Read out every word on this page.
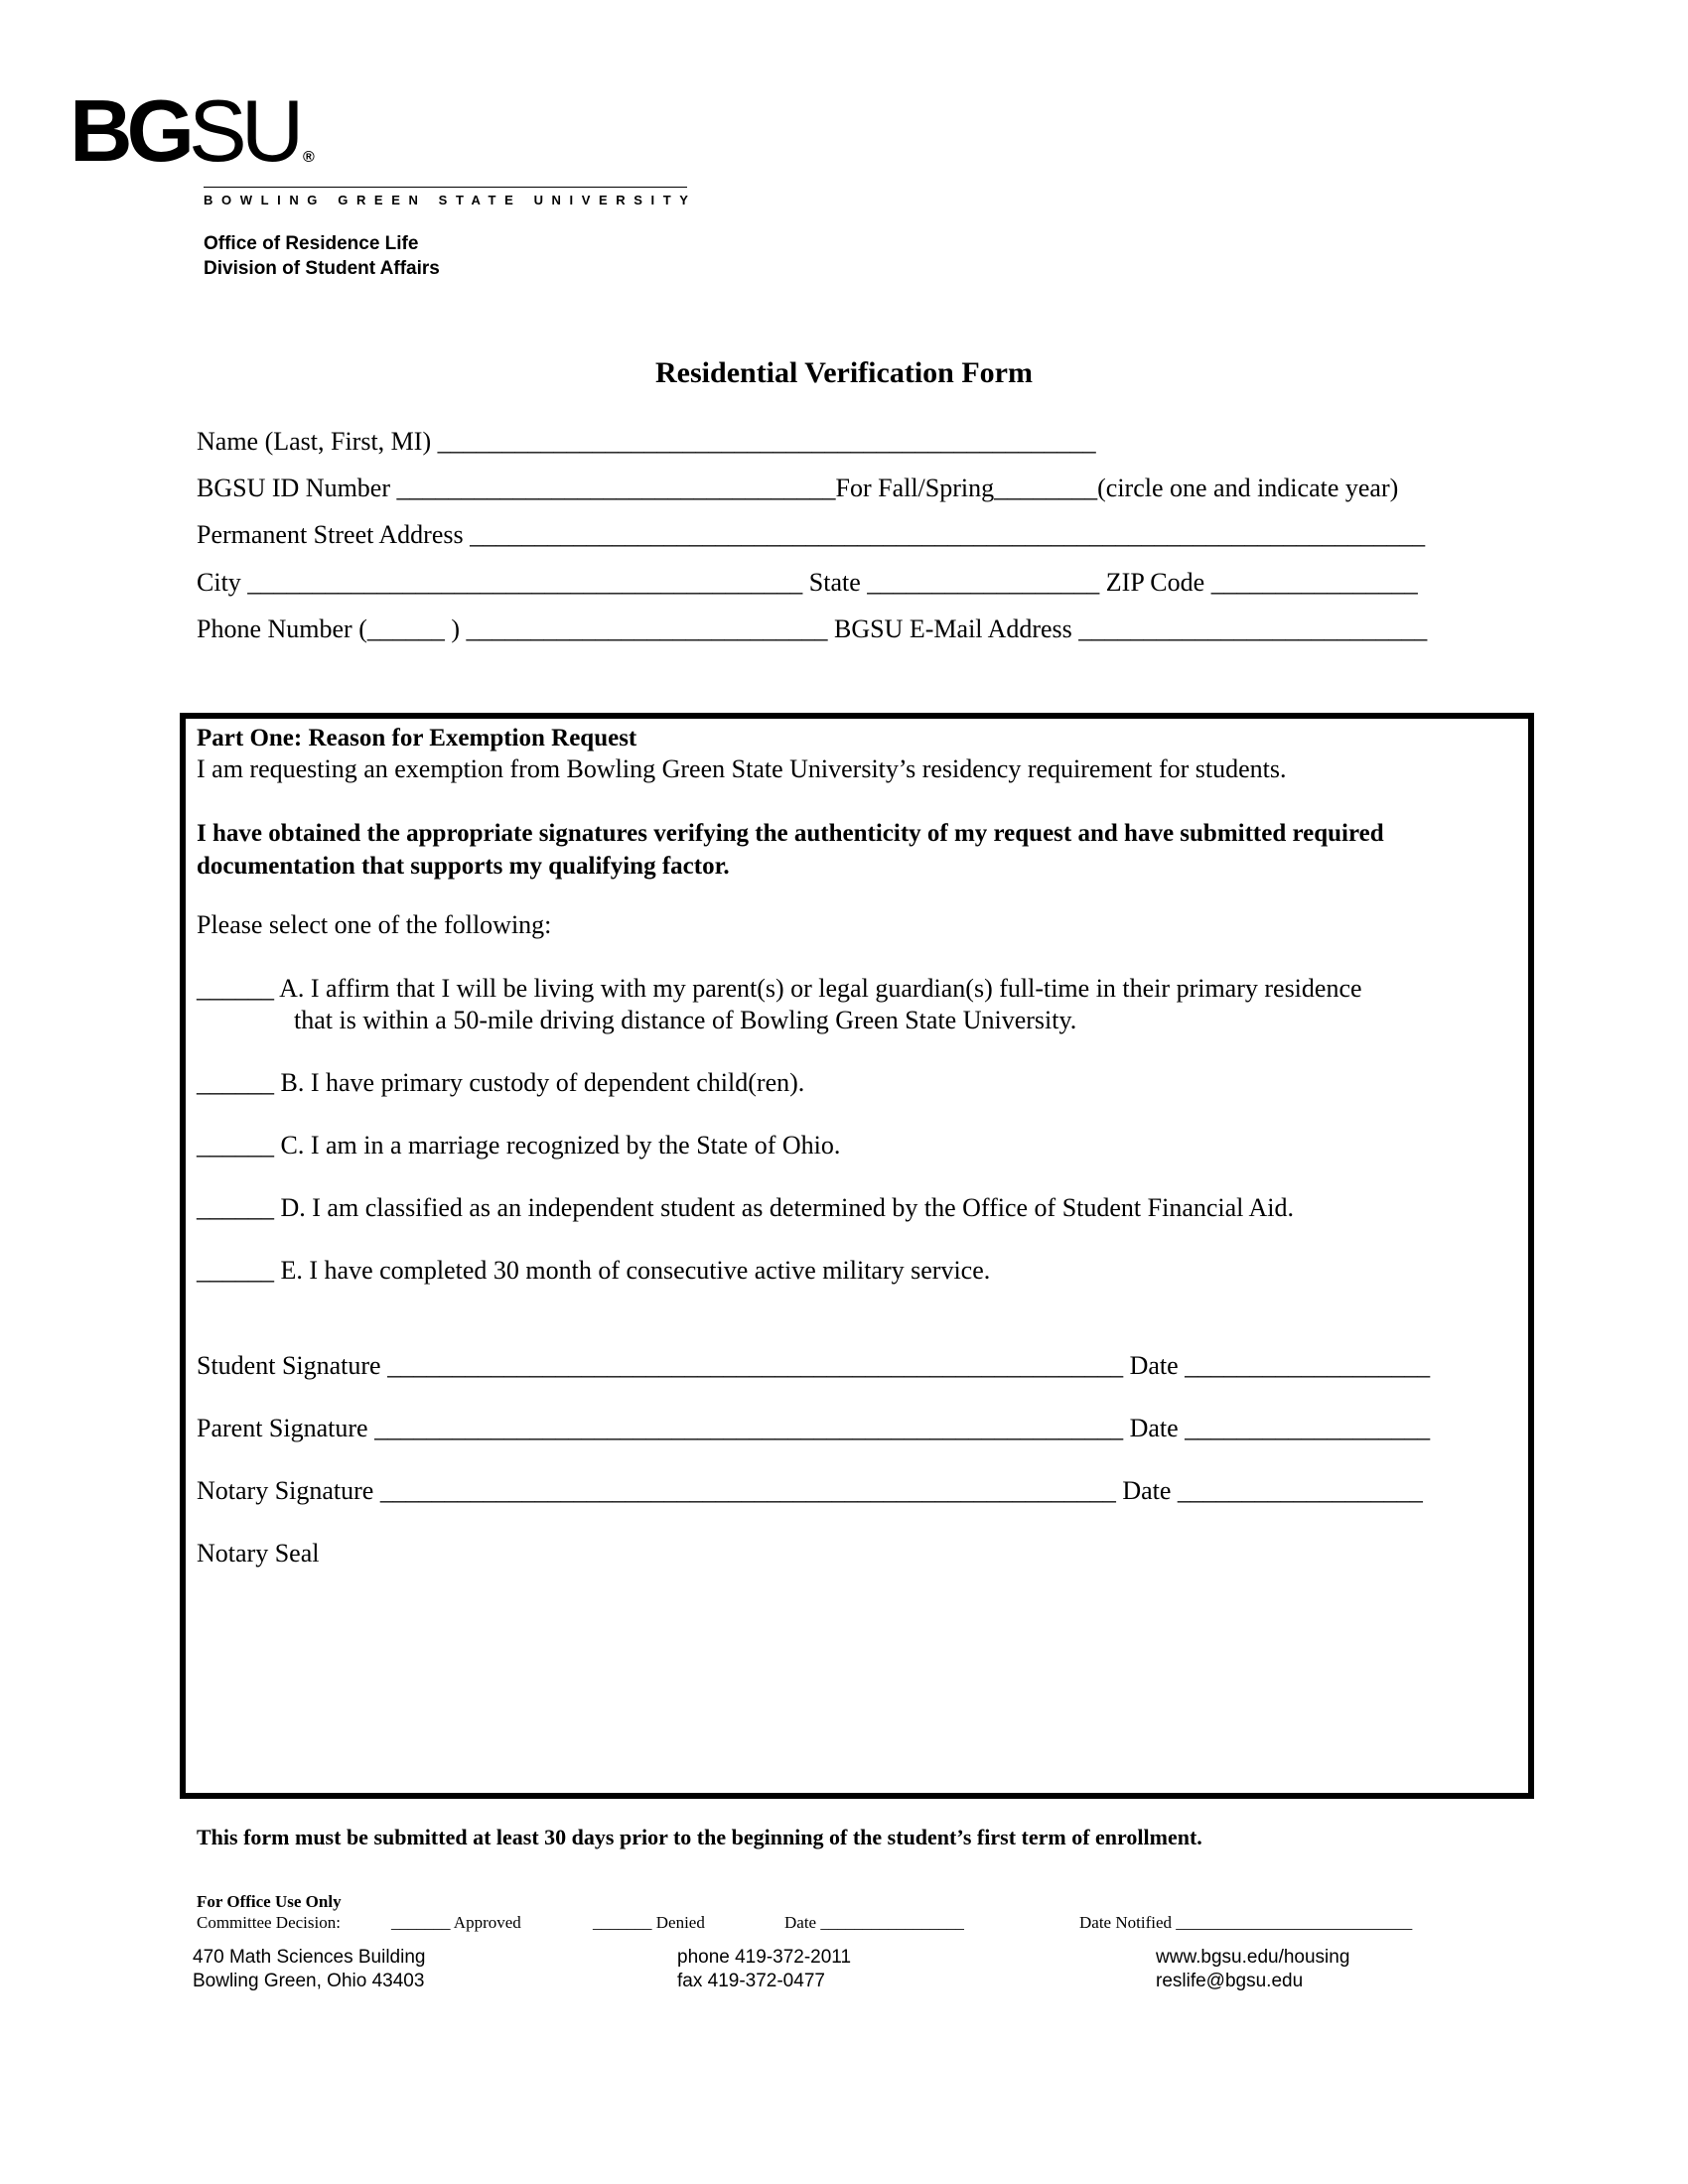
BGSU ®
BOWLING GREEN STATE UNIVERSITY
Office of Residence Life
Division of Student Affairs
Residential Verification Form
Name (Last, First, MI) ___________________________________________________
BGSU ID Number __________________________________For Fall/Spring________(circle one and indicate year)
Permanent Street Address __________________________________________________________________________
City ___________________________________________ State __________________ ZIP Code ________________
Phone Number (______ ) ____________________________ BGSU E-Mail Address ___________________________
Part One: Reason for Exemption Request
I am requesting an exemption from Bowling Green State University’s residency requirement for students.
I have obtained the appropriate signatures verifying the authenticity of my request and have submitted required documentation that supports my qualifying factor.
Please select one of the following:
______ A. I affirm that I will be living with my parent(s) or legal guardian(s) full-time in their primary residence
that is within a 50-mile driving distance of Bowling Green State University.
______ B. I have primary custody of dependent child(ren).
______ C. I am in a marriage recognized by the State of Ohio.
______ D. I am classified as an independent student as determined by the Office of Student Financial Aid.
______ E. I have completed 30 month of consecutive active military service.
Student Signature _________________________________________________________ Date ___________________
Parent Signature __________________________________________________________ Date ___________________
Notary Signature _________________________________________________________ Date ___________________
Notary Seal
This form must be submitted at least 30 days prior to the beginning of the student’s first term of enrollment.
For Office Use Only
Committee Decision:	_______ Approved	_______ Denied	Date _________________	Date Notified ____________________________
470 Math Sciences Building
Bowling Green, Ohio 43403
phone 419-372-2011
fax 419-372-0477
www.bgsu.edu/housing
reslife@bgsu.edu
